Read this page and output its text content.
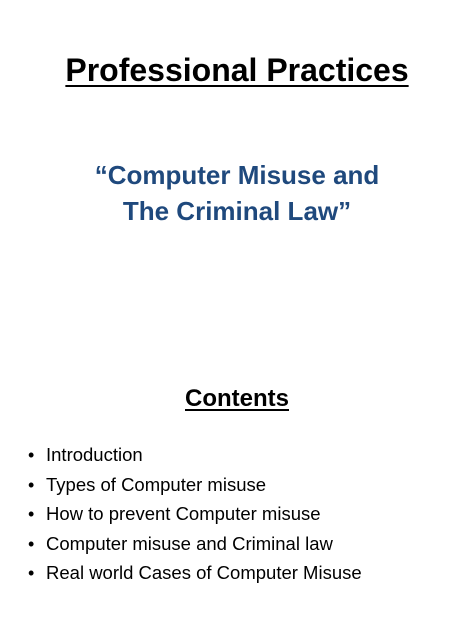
Professional Practices
“Computer Misuse and
The Criminal Law”
Contents
• Introduction
• Types of Computer misuse
• How to prevent Computer misuse
• Computer misuse and Criminal law
• Real world Cases of Computer Misuse
